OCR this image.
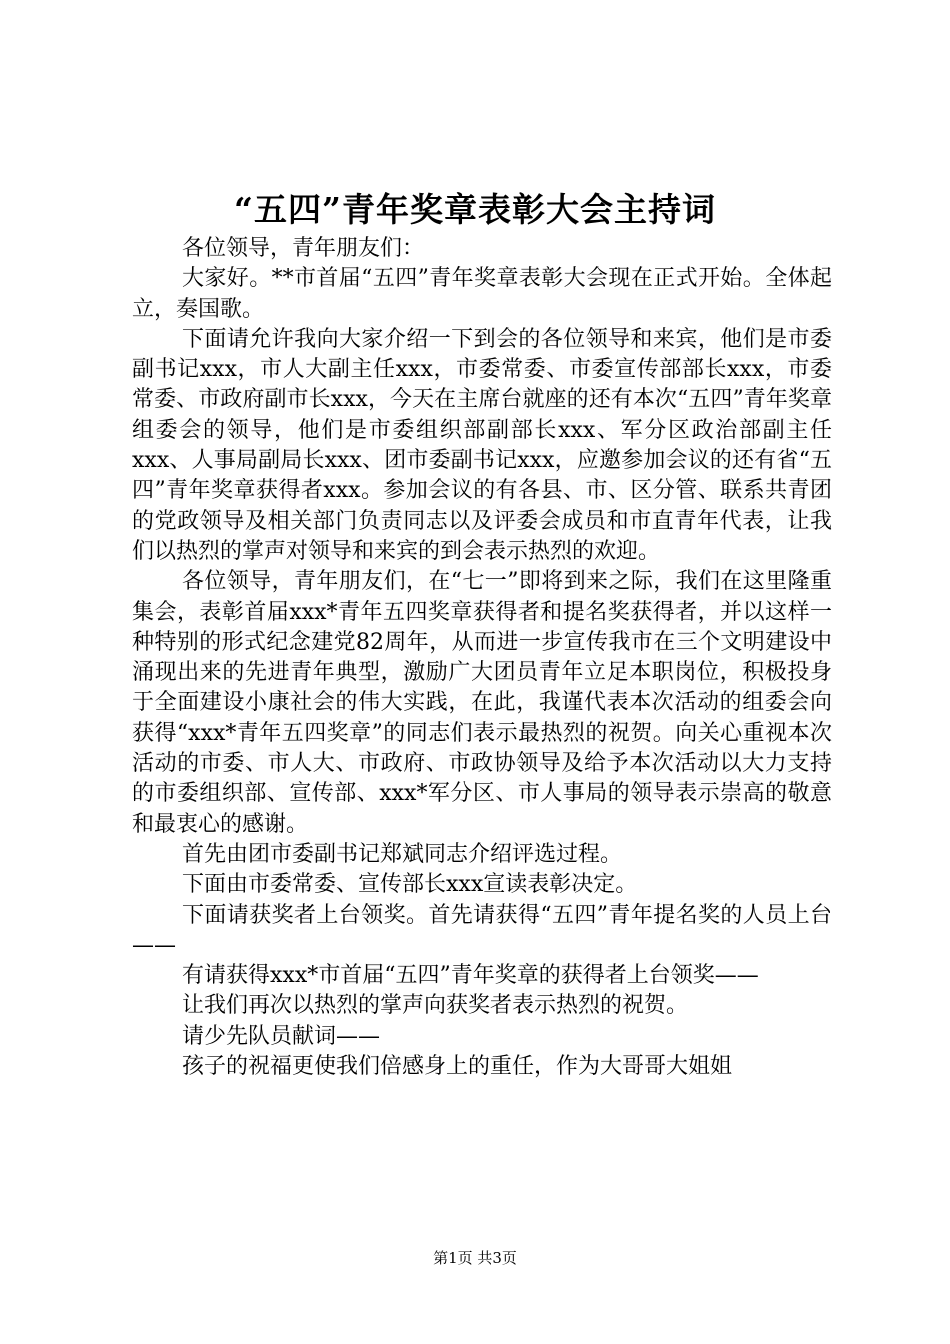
“五四”青年奖章表彰大会主持词

各位领导，青年朋友们：

大家好。**市首届“五四”青年奖章表彰大会现在正式开始。全体起立，奏国歌。

下面请允许我向大家介绍一下到会的各位领导和来宾，他们是市委副书记xxx，市人大副主任xxx，市委常委、市委宣传部部长xxx，市委常委、市政府副市长xxx，今天在主席台就座的还有本次“五四”青年奖章组委会的领导，他们是市委组织部副部长xxx、军分区政治部副主任xxx、人事局副局长xxx、团市委副书记xxx，应邀参加会议的还有省“五四”青年奖章获得者xxx。参加会议的有各县、市、区分管、联系共青团的党政领导及相关部门负责同志以及评委会成员和市直青年代表，让我们以热烈的掌声对领导和来宾的到会表示热烈的欢迎。

各位领导，青年朋友们，在“七一”即将到来之际，我们在这里隆重集会，表彰首届xxx*青年五四奖章获得者和提名奖获得者，并以这样一种特别的形式纪念建党82周年，从而进一步宣传我市在三个文明建设中涌现出来的先进青年典型，激励广大团员青年立足本职岗位，积极投身于全面建设小康社会的伟大实践，在此，我谨代表本次活动的组委会向获得“xxx*青年五四奖章”的同志们表示最热烈的祝贺。向关心重视本次活动的市委、市人大、市政府、市政协领导及给予本次活动以大力支持的市委组织部、宣传部、xxx*军分区、市人事局的领导表示崇高的敬意和最衷心的感谢。

首先由团市委副书记郑斌同志介绍评选过程。

下面由市委常委、宣传部长xxx宣读表彰决定。

下面请获奖者上台领奖。首先请获得“五四”青年提名奖的人员上台——

有请获得xxx*市首届“五四”青年奖章的获得者上台领奖——

让我们再次以热烈的掌声向获奖者表示热烈的祝贺。

请少先队员献词——

孩子的祝福更使我们倍感身上的重任，作为大哥哥大姐姐

第1页 共3页
